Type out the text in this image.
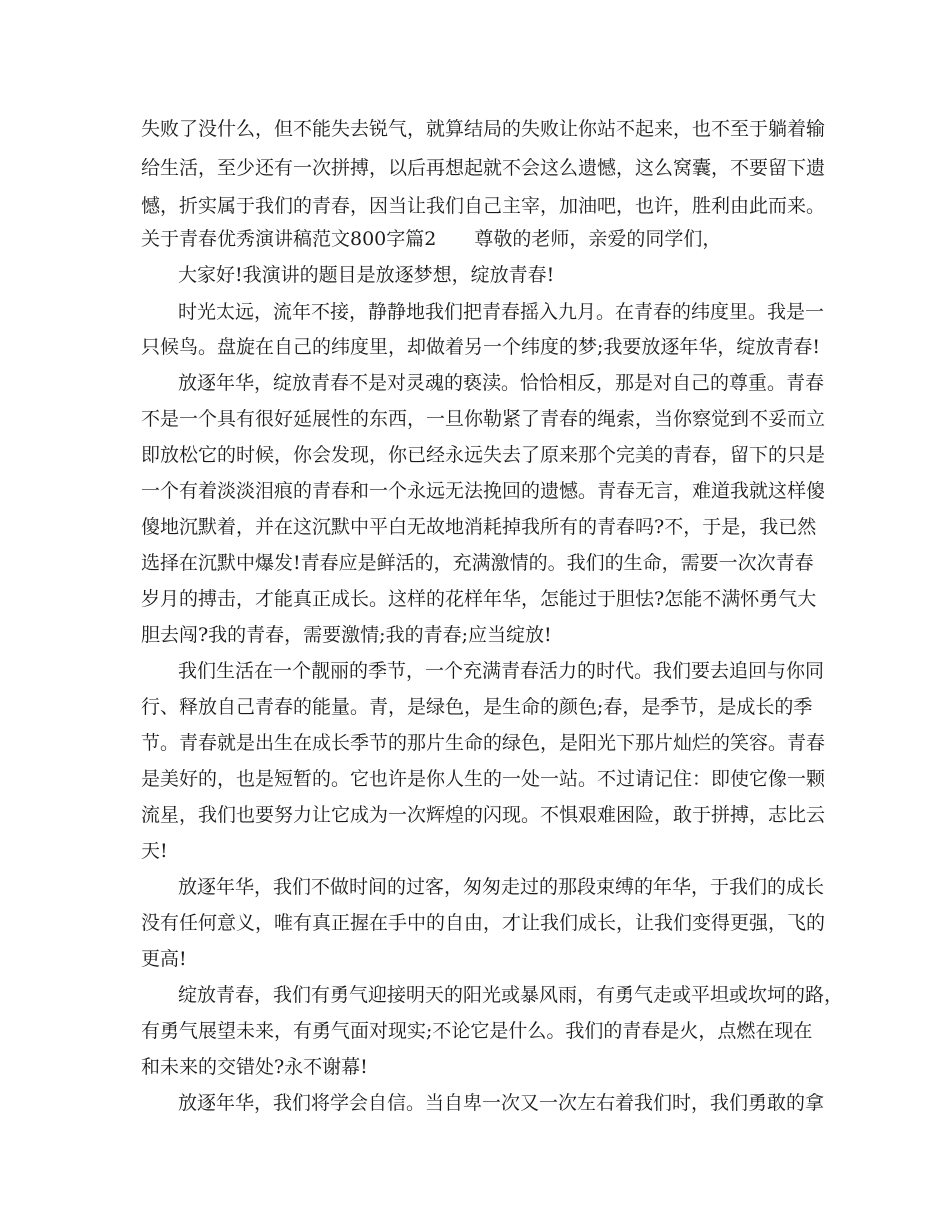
失败了没什么，但不能失去锐气，就算结局的失败让你站不起来，也不至于躺着输
给生活，至少还有一次拼搏，以后再想起就不会这么遗憾，这么窝囊，不要留下遗
憾，折实属于我们的青春，因当让我们自己主宰，加油吧，也许，胜利由此而来。
关于青春优秀演讲稿范文800字篇2　　尊敬的老师，亲爱的同学们，
大家好!我演讲的题目是放逐梦想，绽放青春!
时光太远，流年不接，静静地我们把青春摇入九月。在青春的纬度里。我是一
只候鸟。盘旋在自己的纬度里，却做着另一个纬度的梦;我要放逐年华，绽放青春!
放逐年华，绽放青春不是对灵魂的亵渎。恰恰相反，那是对自己的尊重。青春
不是一个具有很好延展性的东西，一旦你勒紧了青春的绳索，当你察觉到不妥而立
即放松它的时候，你会发现，你已经永远失去了原来那个完美的青春，留下的只是
一个有着淡淡泪痕的青春和一个永远无法挽回的遗憾。青春无言，难道我就这样傻
傻地沉默着，并在这沉默中平白无故地消耗掉我所有的青春吗?不，于是，我已然
选择在沉默中爆发!青春应是鲜活的，充满激情的。我们的生命，需要一次次青春
岁月的搏击，才能真正成长。这样的花样年华，怎能过于胆怯?怎能不满怀勇气大
胆去闯?我的青春，需要激情;我的青春;应当绽放!
我们生活在一个靓丽的季节，一个充满青春活力的时代。我们要去追回与你同
行、释放自己青春的能量。青，是绿色，是生命的颜色;春，是季节，是成长的季
节。青春就是出生在成长季节的那片生命的绿色，是阳光下那片灿烂的笑容。青春
是美好的，也是短暂的。它也许是你人生的一处一站。不过请记住：即使它像一颗
流星，我们也要努力让它成为一次辉煌的闪现。不惧艰难困险，敢于拼搏，志比云
天!
放逐年华，我们不做时间的过客，匆匆走过的那段束缚的年华，于我们的成长
没有任何意义，唯有真正握在手中的自由，才让我们成长，让我们变得更强，飞的
更高!
绽放青春，我们有勇气迎接明天的阳光或暴风雨，有勇气走或平坦或坎坷的路，
有勇气展望未来，有勇气面对现实;不论它是什么。我们的青春是火，点燃在现在
和未来的交错处?永不谢幕!
放逐年华，我们将学会自信。当自卑一次又一次左右着我们时，我们勇敢的拿
